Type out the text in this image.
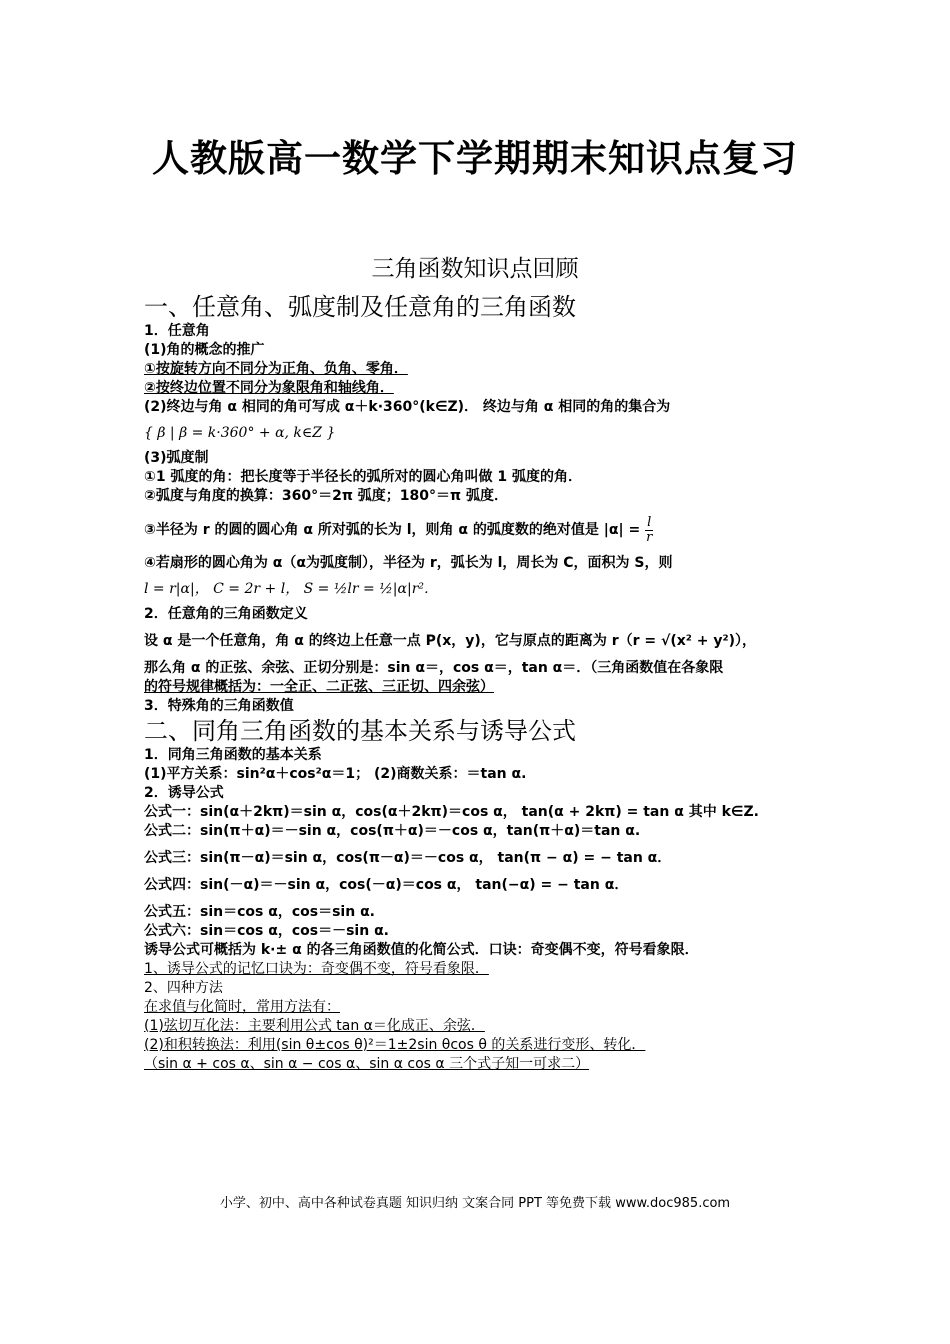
人教版高一数学下学期期末知识点复习
三角函数知识点回顾

一、任意角、弧度制及任意角的三角函数

1．任意角

(1)角的概念的推广

①按旋转方向不同分为正角、负角、零角．

②按终边位置不同分为象限角和轴线角．

(2)终边与角 α 相同的角可写成 α＋k·360°(k∈Z)． 终边与角 α 相同的角的集合为

{ β | β = k·360° + α, k∈Z }

(3)弧度制

①1 弧度的角：把长度等于半径长的弧所对的圆心角叫做 1 弧度的角．

②弧度与角度的换算：360°＝2π 弧度；180°＝π 弧度．

③半径为 r 的圆的圆心角 α 所对弧的长为 l，则角 α 的弧度数的绝对值是 $|\alpha| = \frac{l}{r}$

④若扇形的圆心角为 α（α为弧度制），半径为 r，弧长为 l，周长为 C，面积为 S，则

l = r|α|， C = 2r + l， S = ½lr = ½|α|r²．

2．任意角的三角函数定义

设 α 是一个任意角，角 α 的终边上任意一点 P(x，y)，它与原点的距离为 r（r = √(x² + y²)），

那么角 α 的正弦、余弦、正切分别是：sin α＝，cos α＝，tan α＝．（三角函数值在各象限

的符号规律概括为：一全正、二正弦、三正切、四余弦）

3．特殊角的三角函数值

二、同角三角函数的基本关系与诱导公式

1．同角三角函数的基本关系

(1)平方关系：sin²α＋cos²α＝1； (2)商数关系：＝tan α.

2．诱导公式

公式一：sin(α＋2kπ)＝sin α，cos(α＋2kπ)＝cos α， tan(α + 2kπ) = tan α 其中 k∈Z.

公式二：sin(π＋α)＝－sin α，cos(π＋α)＝－cos α，tan(π＋α)＝tan α.

公式三：sin(π－α)＝sin α，cos(π－α)＝－cos α， tan(π − α) = − tan α．

公式四：sin(－α)＝－sin α，cos(－α)＝cos α， tan(−α) = − tan α．

公式五：sin＝cos α，cos＝sin α.

公式六：sin＝cos α，cos＝－sin α.

诱导公式可概括为 k·± α 的各三角函数值的化简公式．口诀：奇变偶不变，符号看象限．

1、诱导公式的记忆口诀为：奇变偶不变，符号看象限．

2、四种方法

在求值与化简时，常用方法有：

(1)弦切互化法：主要利用公式 tan α＝化成正、余弦．

(2)和积转换法：利用(sin θ±cos θ)²＝1±2sin θcos θ 的关系进行变形、转化．

（sin α + cos α、sin α − cos α、sin α cos α 三个式子知一可求二）

小学、初中、高中各种试卷真题 知识归纳 文案合同 PPT 等免费下载 www.doc985.com
